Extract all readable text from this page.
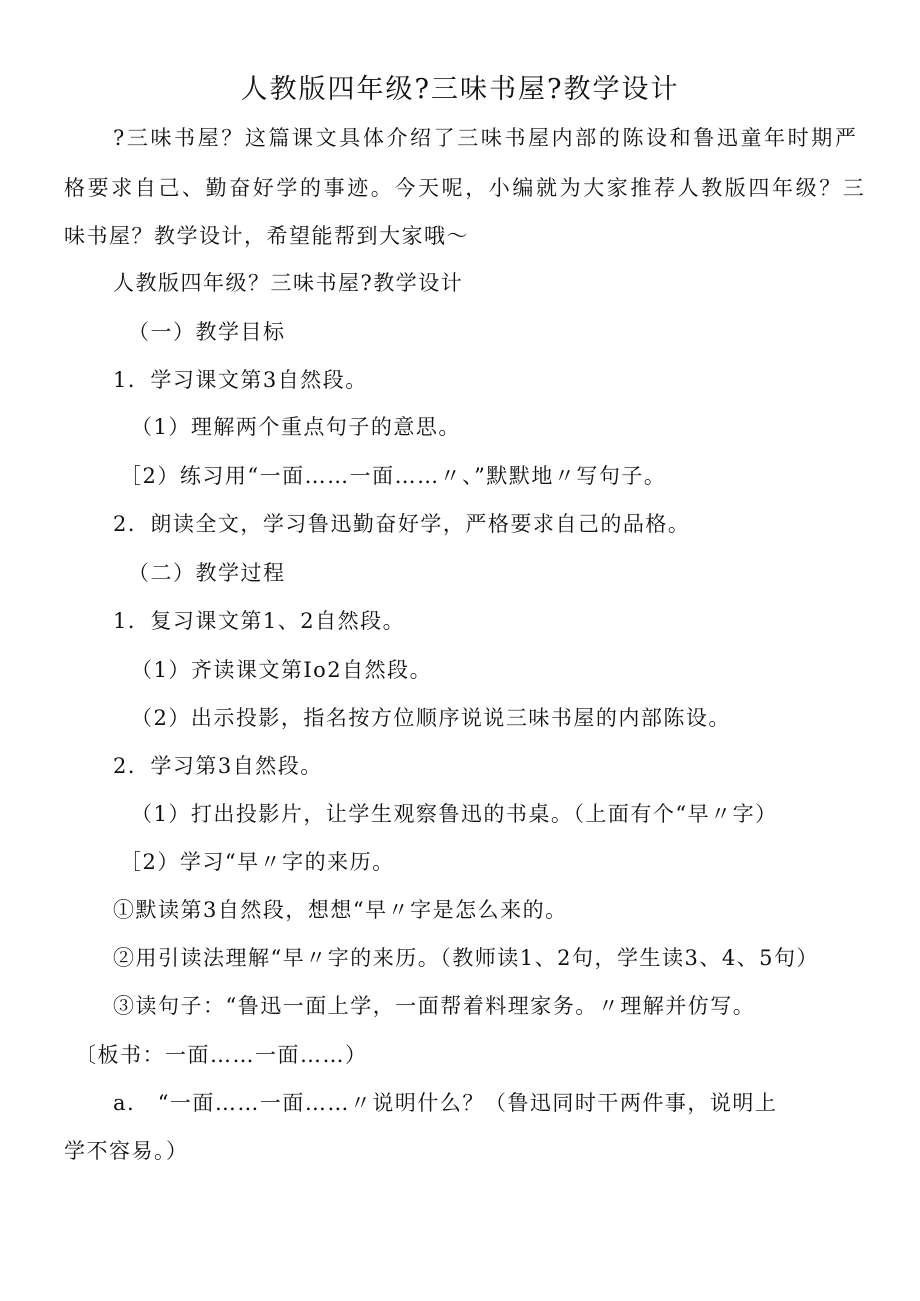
人教版四年级?三味书屋?教学设计
?三味书屋？这篇课文具体介绍了三味书屋内部的陈设和鲁迅童年时期严
格要求自己、勤奋好学的事迹。今天呢，小编就为大家推荐人教版四年级？三
味书屋？教学设计，希望能帮到大家哦～
人教版四年级？三味书屋?教学设计
（一）教学目标
1．学习课文第3自然段。
（1）理解两个重点句子的意思。
［2）练习用“一面……一面……〃、”默默地〃写句子。
2．朗读全文，学习鲁迅勤奋好学，严格要求自己的品格。
（二）教学过程
1．复习课文第1、2自然段。
（1）齐读课文第Io2自然段。
（2）出示投影，指名按方位顺序说说三味书屋的内部陈设。
2．学习第3自然段。
（1）打出投影片，让学生观察鲁迅的书桌。（上面有个“早〃字）
［2）学习“早〃字的来历。
①默读第3自然段，想想“早〃字是怎么来的。
②用引读法理解“早〃字的来历。（教师读1、2句，学生读3、4、5句）
③读句子：“鲁迅一面上学，一面帮着料理家务。〃理解并仿写。
〔板书：一面……一面……）
a.　“一面……一面……〃说明什么？（鲁迅同时干两件事，说明上
学不容易。）
